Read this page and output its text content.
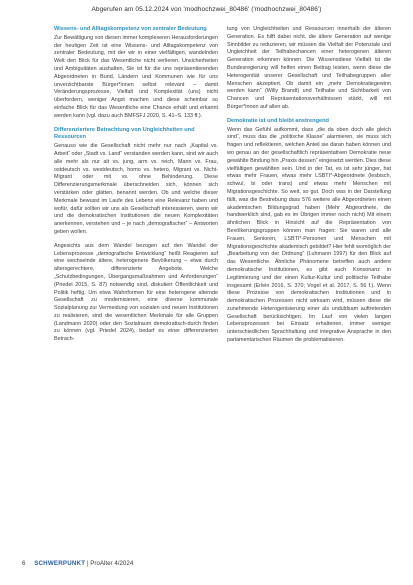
Abgerufen am 05.12.2024 von 'modhochzwei_80486' ('modhochzwei_80486')
Wissens- und Alltagskompetenz von zentraler Bedeutung

Zur Bewältigung von diesen immer komplexeren Herausforderungen der heutigen Zeit ist eine Wissens- und Alltagskompetenz von zentraler Bedeutung, mit der wir in einer vielfältigen, wandelnden Welt den Blick für das Wesentliche nicht verlieren. Unsicherheiten und Ambiguitäten aushalten, Sie ist für die uns repräsentierenden Abgeordneten in Bund, Ländern und Kommunen wie für uns unverzichtbarste Bürger*innen selbst relevant – damit Veränderungsprozesse, Vielfalt und Komplexität (uns) nicht überfordern, weniger Angst machen und diese scheinbar so einfache Blick für das Wesentliche eine Chance erhält und erkannt werden kann (vgl. dazu auch BMFSFJ 2020, S. 41–S. 133 ff.).

Differenziertere Betrachtung von Ungleichheiten und Ressourcen

Genauso wie die Gesellschaft nicht mehr nur nach „Kapital vs. Arbeit“ oder „Stadt vs. Land“ verstanden werden kann, sind wir auch alle mehr als nur alt vs. jung, arm vs. reich, Mann vs. Frau, ostdeutsch vs. westdeutsch, homo vs. hetero, Migrant vs. Nicht-Migrant oder mit vs. ohne Behinderung. Diese Differenzierungsmerkmale überschneiden sich, können sich verstärken oder glätten, benannt werden. Ob und welche dieser Merkmale bewusst im Laufe des Lebens eine Relevanz haben und wofür, dafür sollten wir uns als Gesellschaft interessieren, wenn wir und die demokratischen Institutionen die neuen Komplexitäten anerkennen, verstehen und – je nach „demografischer“ – Antworten geben wollen.

Angesichts aus dem Wandel bezogen auf den Wandel der Lebensprozesse „demografische Entwicklung“ heißt Reagieren auf eine wechselnde ältere, heterogenere Bevölkerung – etwa durch altersgerechtere, differenzierte Angebote. Welche „Schutzbedingungen, Übergangsmaßnahmen und Anforderungen“ (Priedel 2015, S. 87) notwendig sind, diskutiert Öffentlichkeit und Politik heftig. Um etwa Wahnformen für eine heterogene alternde Gesellschaft zu modernisieren, eine diverse kommunale Sozialplanung zur Vermeidung von sozialen und neuen Institutionen zu realisieren, sind die wesentlichen Merkmale für alle Gruppen (Landmann 2020) oder den Sozialraum demokratisch-durch finden zu können (vgl. Priedel 2024), bedarf es einer differenzierten Betrach-

tung von Ungleichheiten und Ressourcen innerhalb der älteren Generation. Es hilft dabei nicht, die ältere Generation auf wenige Sinnbilder zu reduzieren, wir müssen die Vielfalt der Potenziale und Ungleichheit der Teilhabechancen einer heterogenen älteren Generation erkennen können. Die Wissensdiese Vielfalt ist die Bundesregierung will helfen einen Beitrag leisten, wenn diese die Heterogenität unserer Gesellschaft und Teilhabegruppen aller Menschen akzeptiert. Ob damit ein „mehr Demokratiegewinn werden kann“ (Willy Brandt) und Teilhabe und Sichtbarkeit von Chancen und Repräsentationsverhältnissen stärkt, will mit Bürger*innen auf allen ab.

Demokratie ist und bleibt anstrengend

Wenn das Gefühl aufkommt, dass „die da oben doch alle gleich sind“, muss das die „politische Klasse“ alarmieren, sie muss sich fragen und reflektieren, welchen Anteil sie daran haben können und wo genau an der gesellschaftlich repräsentativen Demokratie neue gewählte Bindung hin „Praxis dessen“ eingesetzt werden. Dies diese vielfältigen gewählten sein. Und in der Tat, es ist sehr jünger, hat etwas mehr Frauen, etwas mehr LSBTI*-Abgeordnete (lesbisch, schwul, bi oder trans) und etwas mehr Menschen mit Migrationsgeschichte. So weit, so gut. Doch was in der Darstellung fällt, was die Bestrebung dass 576 weitere alle Abgeordneten einen akademischen Bildungsgrad haben (Mehr Abgeordnete, die handwerklich sind, gab es im Übrigen immer noch nicht) Mit einem ähnlichen Blick in Hinsicht auf die Repräsentation von Bevölkerungsgruppen können man fragen: Sie waren und alle Frauen, Senioren, LSBTI*-Personen und Menschen mit Migrationsgeschichte akademisch gebildet? Hier fehlt womöglich der „Bearbeitung von der Ordnung“ (Luhmann 1997) für den Blick auf das Wesentliche. Ähnliche Phänomene betreffen auch andere demokratische Institutionen, es gibt auch Konsonanz in Legitimierung und der einen Kultur-Kultur und politische Teilhabe insgesamt (Erlein 2016, S. 370; Vogel et al. 2017, S. 56 f.). Wenn diese Prozesse von demokratischen Institutionen und in demokratischen Prozessen nicht wirksam wird, müssen diese die zunehmende Heterogenisierung einer als unduldsam auftretenden Gesellschaft berücksichtigen. Im Lauf von vielen langen Lebensprozessen bei Einsatz erhaltenen, immer weniger unterschiedlichen Sprachhaltung und integrative Ansprache in den parlamentarischen Räumen die problematisieren.

6 SCHWERPUNKT | ProAlter 4/2024
